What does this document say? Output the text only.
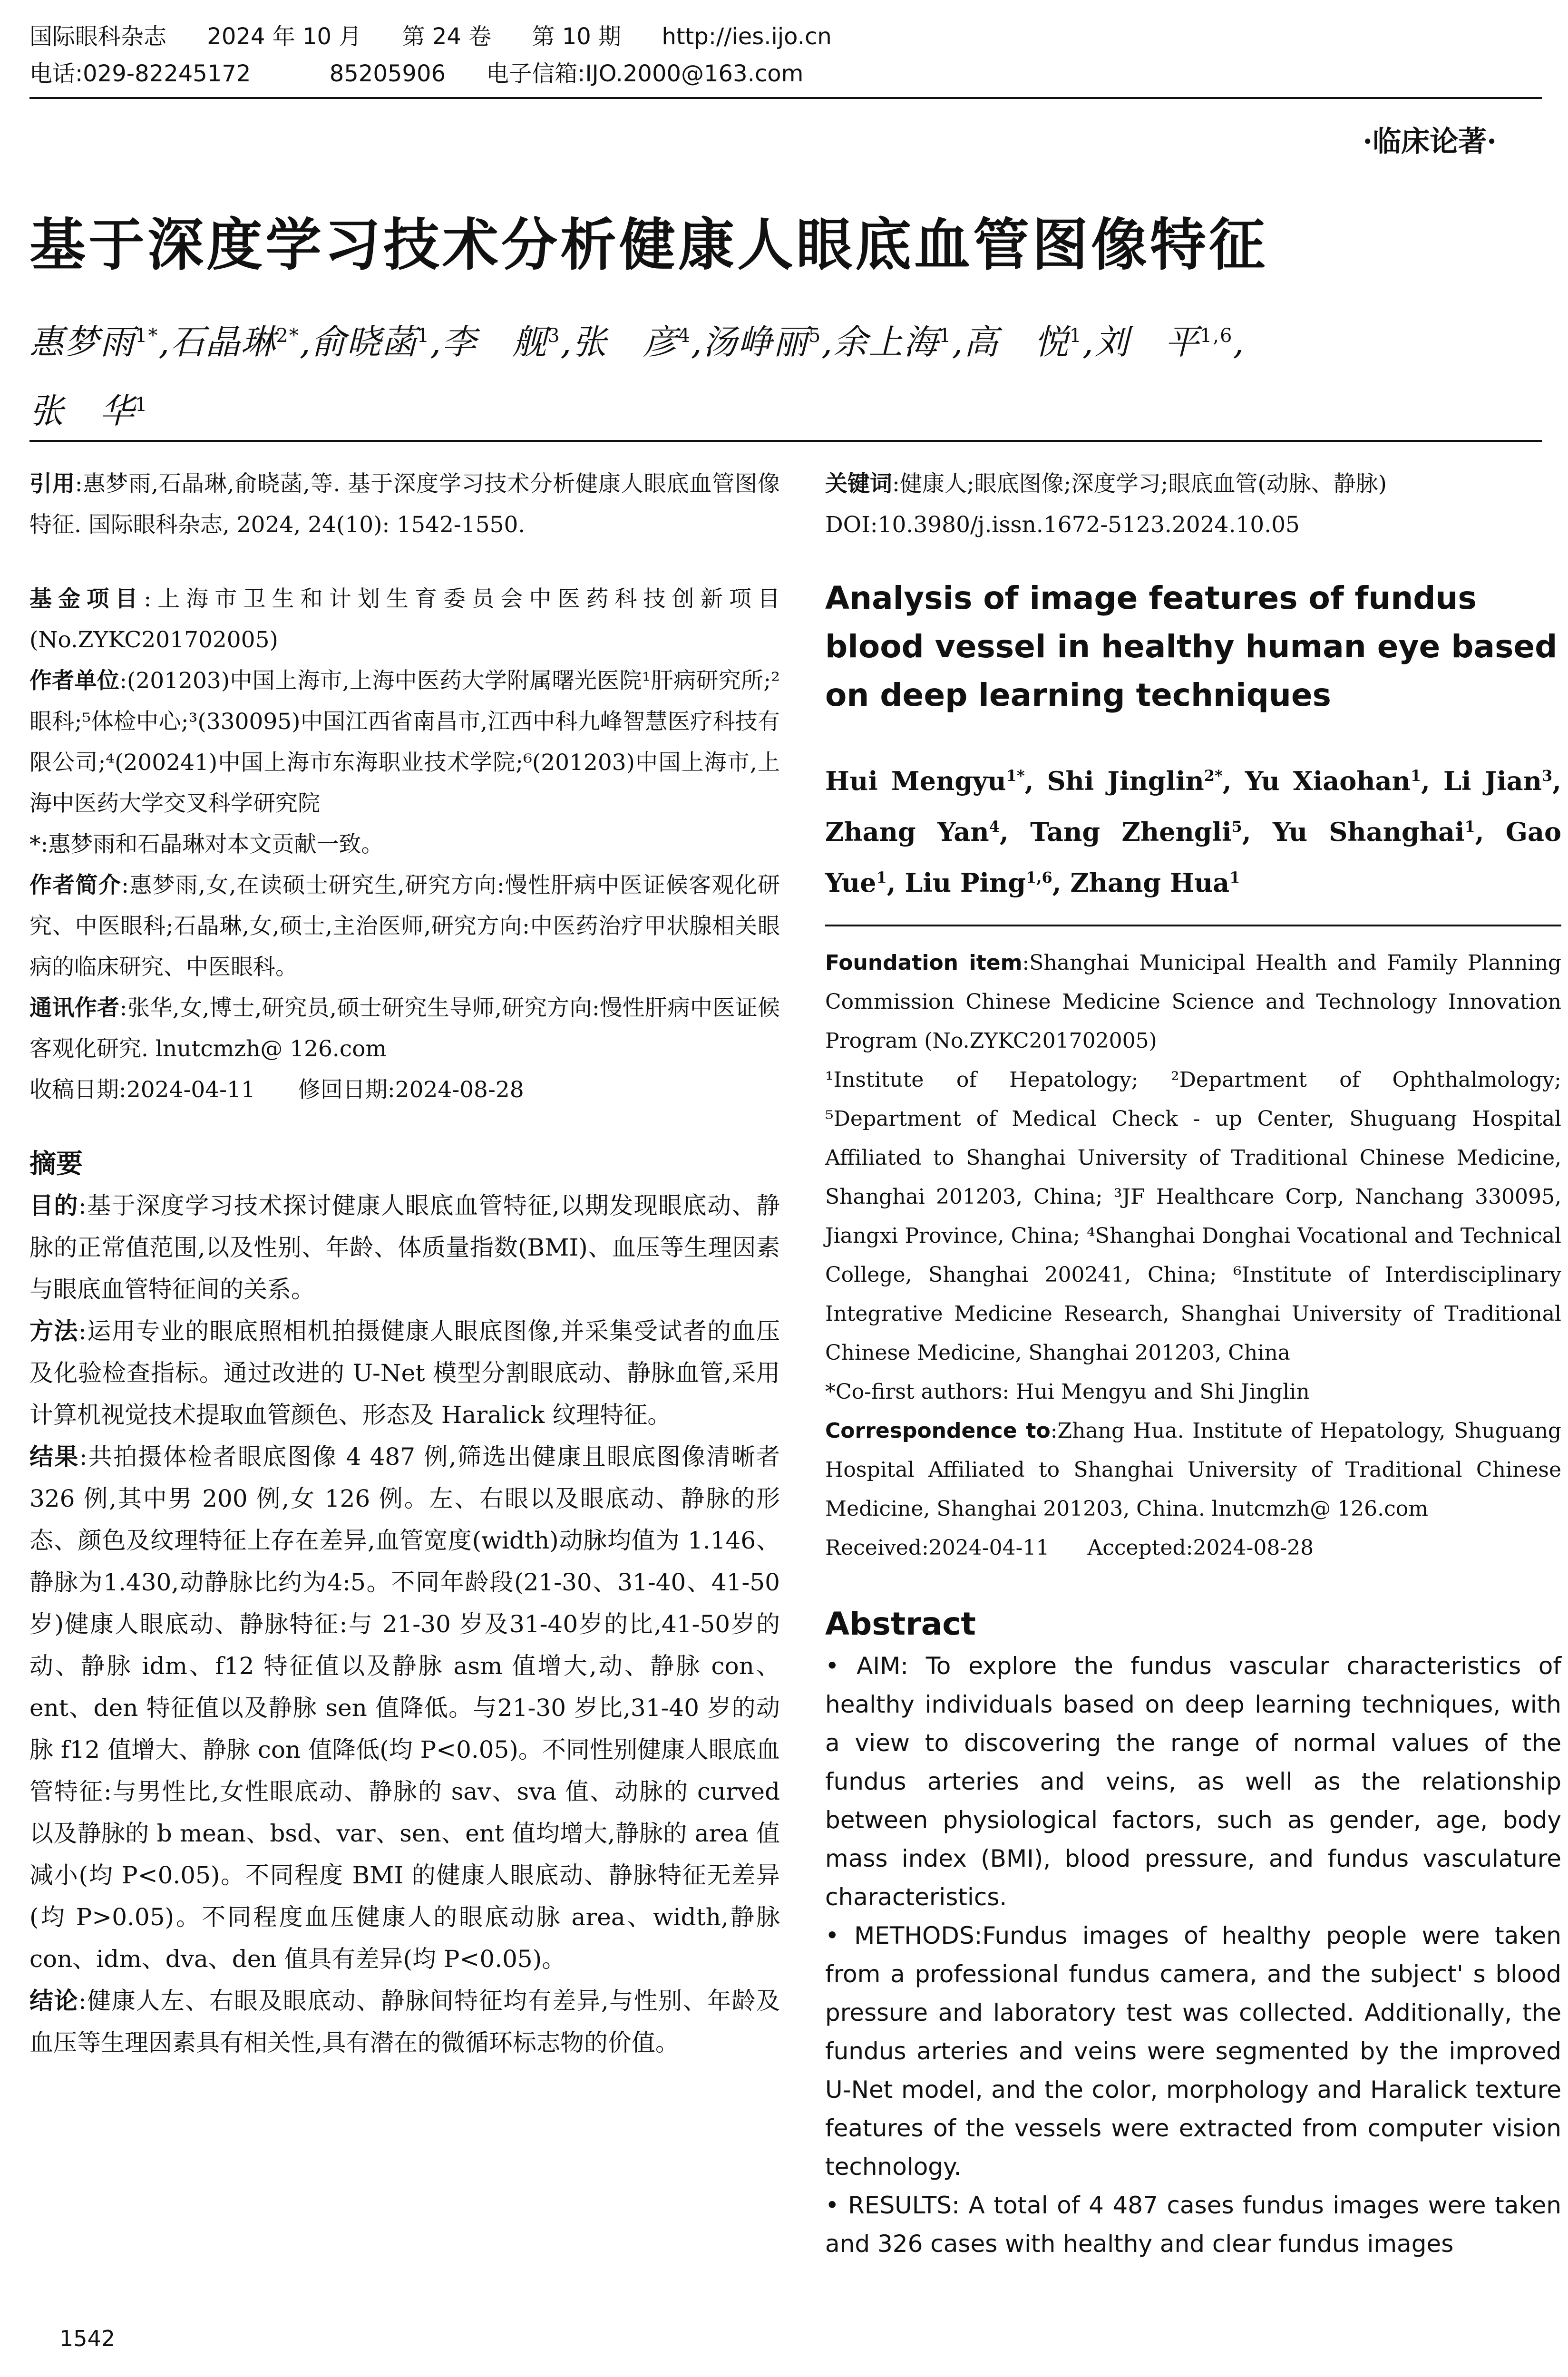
国际眼科杂志 2024 年 10 月 第 24 卷 第 10 期 http://ies.ijo.cn
电话:029-82245172	85205906 电子信箱:IJO.2000@163.com
·临床论著·
基于深度学习技术分析健康人眼底血管图像特征
惠梦雨$^{1*}$,石晶琳$^{2*}$,俞晓菡$^1$,李　舰$^3$,张　彦$^4$,汤峥丽$^5$,余上海$^1$,高　悦$^1$,刘　平$^{1,6}$,
张　华$^1$

引用:惠梦雨,石晶琳,俞晓菡,等. 基于深度学习技术分析健康人眼底血管图像特征. 国际眼科杂志, 2024, 24(10): 1542-1550.

基金项目:上海市卫生和计划生育委员会中医药科技创新项目(No.ZYKC201702005)

作者单位:(201203)中国上海市,上海中医药大学附属曙光医院¹肝病研究所;²眼科;⁵体检中心;³(330095)中国江西省南昌市,江西中科九峰智慧医疗科技有限公司;⁴(200241)中国上海市东海职业技术学院;⁶(201203)中国上海市,上海中医药大学交叉科学研究院

*:惠梦雨和石晶琳对本文贡献一致。

作者简介:惠梦雨,女,在读硕士研究生,研究方向:慢性肝病中医证候客观化研究、中医眼科;石晶琳,女,硕士,主治医师,研究方向:中医药治疗甲状腺相关眼病的临床研究、中医眼科。

通讯作者:张华,女,博士,研究员,硕士研究生导师,研究方向:慢性肝病中医证候客观化研究. lnutcmzh@ 126.com

收稿日期:2024-04-11 修回日期:2024-08-28

摘要

目的:基于深度学习技术探讨健康人眼底血管特征,以期发现眼底动、静脉的正常值范围,以及性别、年龄、体质量指数(BMI)、血压等生理因素与眼底血管特征间的关系。

方法:运用专业的眼底照相机拍摄健康人眼底图像,并采集受试者的血压及化验检查指标。通过改进的 U-Net 模型分割眼底动、静脉血管,采用计算机视觉技术提取血管颜色、形态及 Haralick 纹理特征。

结果:共拍摄体检者眼底图像 4 487 例,筛选出健康且眼底图像清晰者 326 例,其中男 200 例,女 126 例。左、右眼以及眼底动、静脉的形态、颜色及纹理特征上存在差异,血管宽度(width)动脉均值为 1.146、静脉为1.430,动静脉比约为4:5。不同年龄段(21-30、31-40、41-50 岁)健康人眼底动、静脉特征:与 21-30 岁及31-40岁的比,41-50岁的动、静脉 idm、f12 特征值以及静脉 asm 值增大,动、静脉 con、ent、den 特征值以及静脉 sen 值降低。与21-30 岁比,31-40 岁的动脉 f12 值增大、静脉 con 值降低(均 P<0.05)。不同性别健康人眼底血管特征:与男性比,女性眼底动、静脉的 sav、sva 值、动脉的 curved 以及静脉的 b mean、bsd、var、sen、ent 值均增大,静脉的 area 值减小(均 P<0.05)。不同程度 BMI 的健康人眼底动、静脉特征无差异(均 P>0.05)。不同程度血压健康人的眼底动脉 area、width,静脉 con、idm、dva、den 值具有差异(均 P<0.05)。

结论:健康人左、右眼及眼底动、静脉间特征均有差异,与性别、年龄及血压等生理因素具有相关性,具有潜在的微循环标志物的价值。

关键词:健康人;眼底图像;深度学习;眼底血管(动脉、静脉)

DOI:10.3980/j.issn.1672-5123.2024.10.05

Analysis of image features of fundus blood vessel in healthy human eye based on deep learning techniques

Hui Mengyu$^{1*}$, Shi Jinglin$^{2*}$, Yu Xiaohan$^1$, Li Jian$^3$, Zhang Yan$^4$, Tang Zhengli$^5$, Yu Shanghai$^1$, Gao Yue$^1$, Liu Ping$^{1,6}$, Zhang Hua$^1$

Foundation item:Shanghai Municipal Health and Family Planning Commission Chinese Medicine Science and Technology Innovation Program (No.ZYKC201702005)

¹Institute of Hepatology; ²Department of Ophthalmology; ⁵Department of Medical Check - up Center, Shuguang Hospital Affiliated to Shanghai University of Traditional Chinese Medicine, Shanghai 201203, China; ³JF Healthcare Corp, Nanchang 330095, Jiangxi Province, China; ⁴Shanghai Donghai Vocational and Technical College, Shanghai 200241, China; ⁶Institute of Interdisciplinary Integrative Medicine Research, Shanghai University of Traditional Chinese Medicine, Shanghai 201203, China

*Co-first authors: Hui Mengyu and Shi Jinglin

Correspondence to:Zhang Hua. Institute of Hepatology, Shuguang Hospital Affiliated to Shanghai University of Traditional Chinese Medicine, Shanghai 201203, China. lnutcmzh@ 126.com

Received:2024-04-11 Accepted:2024-08-28

Abstract

• AIM: To explore the fundus vascular characteristics of healthy individuals based on deep learning techniques, with a view to discovering the range of normal values of the fundus arteries and veins, as well as the relationship between physiological factors, such as gender, age, body mass index (BMI), blood pressure, and fundus vasculature characteristics.

• METHODS:Fundus images of healthy people were taken from a professional fundus camera, and the subject' s blood pressure and laboratory test was collected. Additionally, the fundus arteries and veins were segmented by the improved U-Net model, and the color, morphology and Haralick texture features of the vessels were extracted from computer vision technology.

• RESULTS: A total of 4 487 cases fundus images were taken and 326 cases with healthy and clear fundus images

1542
